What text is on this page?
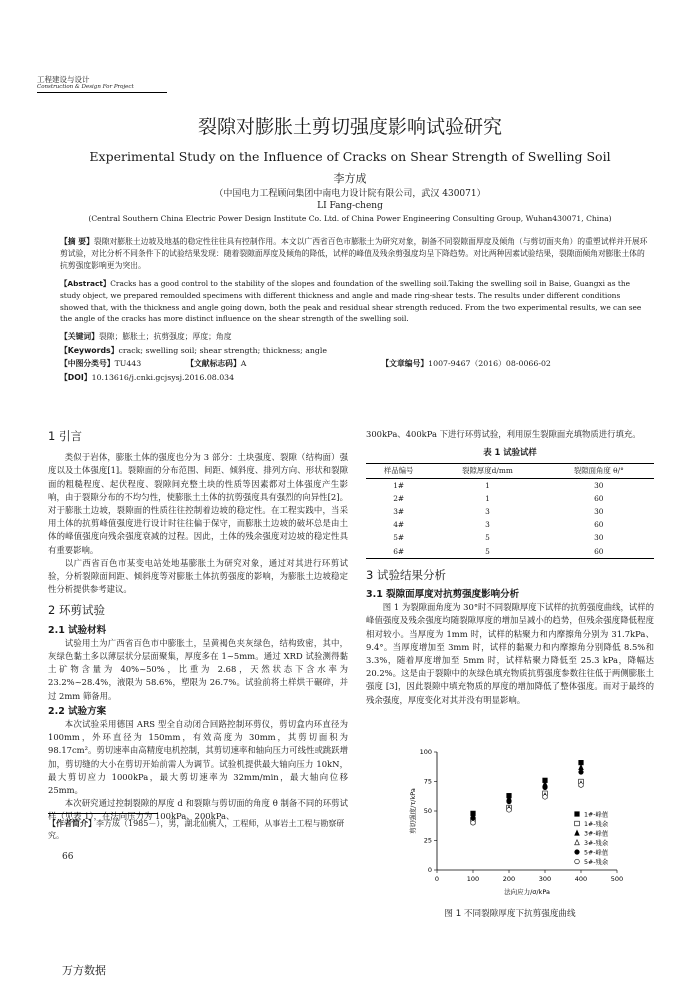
工程建设与设计
Construction & Design For Project
裂隙对膨胀土剪切强度影响试验研究
Experimental Study on the Influence of Cracks on Shear Strength of Swelling Soil
李方成
（中国电力工程顾问集团中南电力设计院有限公司，武汉 430071）
LI Fang-cheng
(Central Southern China Electric Power Design Institute Co. Ltd. of China Power Engineering Consulting Group, Wuhan430071, China)
【摘 要】裂隙对膨胀土边坡及地基的稳定性往往具有控制作用。本文以广西省百色市膨胀土为研究对象，制备不同裂隙面厚度及倾角（与剪切面夹角）的重塑试样并开展环剪试验，对比分析不同条件下的试验结果发现：随着裂隙面厚度及倾角的降低，试样的峰值及残余剪强度均呈下降趋势。对比两种因素试验结果，裂隙面倾角对膨胀土体的抗剪强度影响更为突出。
【Abstract】Cracks has a good control to the stability of the slopes and foundation of the swelling soil.Taking the swelling soil in Baise, Guangxi as the study object, we prepared remoulded specimens with different thickness and angle and made ring-shear tests. The results under different conditions showed that, with the thickness and angle going down, both the peak and residual shear strength reduced. From the two experimental results, we can see the angle of the cracks has more distinct influence on the shear strength of the swelling soil.
【关键词】裂隙；膨胀土；抗剪强度；厚度；角度
【Keywords】crack; swelling soil; shear strength; thickness; angle
【中图分类号】TU443	【文献标志码】A	【文章编号】1007-9467（2016）08-0066-02
【DOI】10.13616/j.cnki.gcjsysj.2016.08.034
1 引言

类似于岩体，膨胀土体的强度也分为 3 部分：土块强度、裂隙（结构面）强度以及土体强度[1]。裂隙面的分布范围、间距、倾斜度、排列方向、形状和裂隙面的粗糙程度、起伏程度、裂隙间充整土块的性质等因素都对土体强度产生影响，由于裂隙分布的不均匀性，使膨胀土土体的抗剪强度具有强烈的向异性[2]。对于膨胀土边坡，裂隙面的性质往往控制着边坡的稳定性。在工程实践中，当采用土体的抗剪峰值强度进行设计时往往偏于保守，而膨胀土边坡的破坏总是由土体的峰值强度向残余强度衰减的过程。因此，土体的残余强度对边坡的稳定性具有重要影响。

以广西省百色市某变电站处地基膨胀土为研究对象，通过对其进行环剪试验，分析裂隙面间距、倾斜度等对膨胀土体抗剪强度的影响，为膨胀土边坡稳定性分析提供参考建议。

2 环剪试验
2.1 试验材料

试验用土为广西省百色市中膨胀土，呈黄褐色夹灰绿色，结构致密，其中，灰绿色黏土多以薄层状分层面聚集，厚度多在 1~5mm。通过 XRD 试验测得黏土矿物含量为 40%~50%，比重为 2.68，天然状态下含水率为 23.2%~28.4%，液限为 58.6%，塑限为 26.7%。试验前将土样烘干碾碎，并过 2mm 筛备用。

2.2 试验方案

本次试验采用德国 ARS 型全自动闭合回路控制环剪仪，剪切盒内环直径为 100mm，外环直径为 150mm，有效高度为 30mm，其剪切面积为 98.17cm²。剪切速率由高精度电机控制，其剪切速率和轴向压力可线性或跳跃增加，剪切缝的大小在剪切开始前需人为调节。试验机提供最大轴向压力 10kN，最大剪切应力 1000kPa，最大剪切速率为 32mm/min，最大轴向位移 25mm。

本次研究通过控制裂隙的厚度 d 和裂隙与剪切面的角度 θ 制备不同的环剪试样（见表 1），在法向压力为 100kPa、200kPa、

【作者简介】李方成（1985－），男，湖北仙桃人，工程师，从事岩土工程与勘察研究。
66
万方数据

300kPa、400kPa 下进行环剪试验，利用原生裂隙面充填物质进行填充。

表 1 试验试样
样品编号	裂隙厚度d/mm	裂隙面角度 θ/°
1#	1	30
2#	1	60
3#	3	30
4#	3	60
5#	5	30
6#	5	60
3 试验结果分析
3.1 裂隙面厚度对抗剪强度影响分析

图 1 为裂隙面角度为 30°时不同裂隙厚度下试样的抗剪强度曲线，试样的峰值强度及残余强度均随裂隙厚度的增加呈减小的趋势，但残余强度降低程度相对较小。当厚度为 1mm 时，试样的粘聚力和内摩擦角分别为 31.7kPa、9.4°。当厚度增加至 3mm 时，试样的黏聚力和内摩擦角分别降低 8.5%和 3.3%，随着厚度增加至 5mm 时，试样粘聚力降低至 25.3 kPa，降幅达 20.2%。这是由于裂隙中的灰绿色填充物质抗剪强度参数往往低于两侧膨胀土强度 [3]，因此裂隙中填充物质的厚度的增加降低了整体强度。而对于最终的残余强度，厚度变化对其并没有明显影响。

0	100	200	300	400	500
0
25
50
75
100
法向应力/σ/kPa
剪切强度/τ/kPa	1#-峰值
1#-残余
3#-峰值
3#-残余
5#-峰值
5#-残余
图 1 不同裂隙厚度下抗剪强度曲线
